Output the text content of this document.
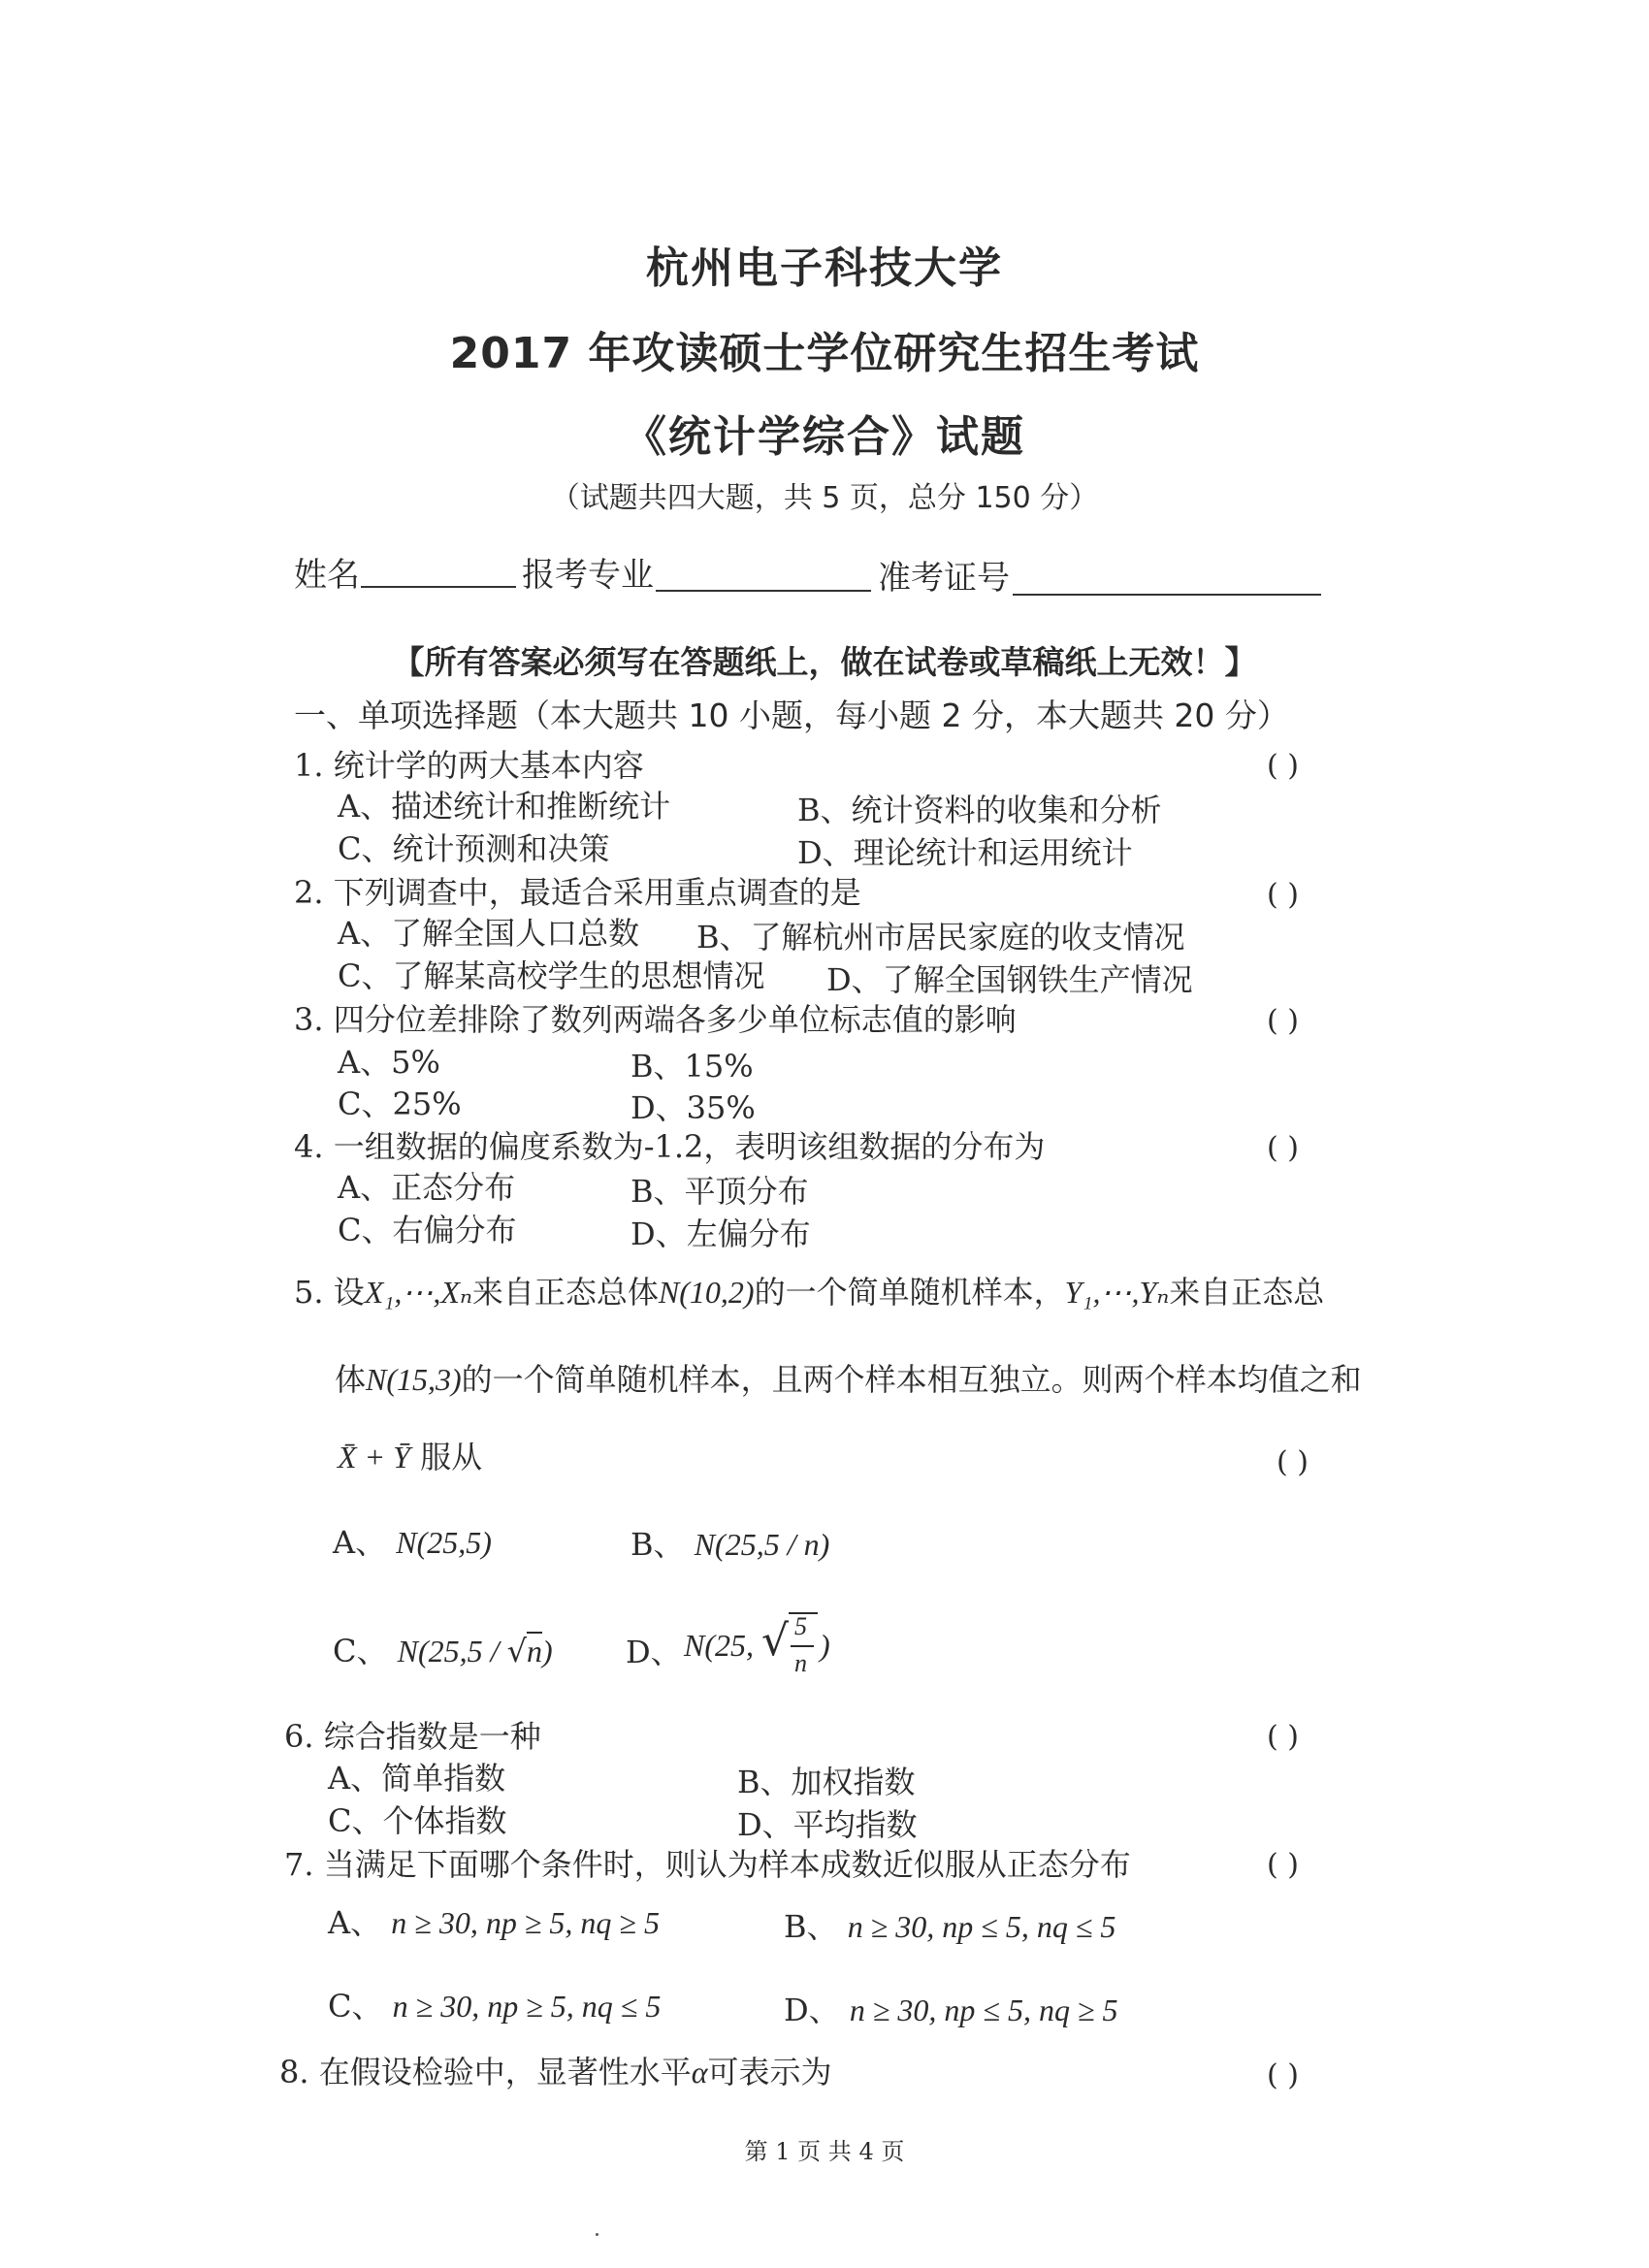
杭州电子科技大学
2017 年攻读硕士学位研究生招生考试
《统计学综合》试题
（试题共四大题，共 5 页，总分 150 分）
姓名	报考专业	准考证号
【所有答案必须写在答题纸上，做在试卷或草稿纸上无效！】
一、单项选择题（本大题共 10 小题，每小题 2 分，本大题共 20 分）
1. 统计学的两大基本内容	( )
A、描述统计和推断统计	B、统计资料的收集和分析
C、统计预测和决策	D、理论统计和运用统计
2. 下列调查中，最适合采用重点调查的是	( )
A、了解全国人口总数 B、了解杭州市居民家庭的收支情况
C、了解某高校学生的思想情况 D、了解全国钢铁生产情况
3. 四分位差排除了数列两端各多少单位标志值的影响	( )
A、5%	B、15%
C、25%	D、35%
4. 一组数据的偏度系数为-1.2，表明该组数据的分布为	( )
A、正态分布	B、平顶分布
C、右偏分布	D、左偏分布
5. 设X₁,⋯,Xₙ来自正态总体N(10,2)的一个简单随机样本，Y₁,⋯,Yₙ来自正态总
体N(15,3)的一个简单随机样本，且两个样本相互独立。则两个样本均值之和
X̄ + Ȳ 服从	( )
A、 N(25,5)	B、 N(25,5 / n)
C、 N(25,5 / √n) D、 N(25, √ 5
n
)
6. 综合指数是一种	( )
A、简单指数	B、加权指数
C、个体指数	D、平均指数
7. 当满足下面哪个条件时，则认为样本成数近似服从正态分布	( )
A、 n ≥ 30, np ≥ 5, nq ≥ 5	B、 n ≥ 30, np ≤ 5, nq ≤ 5
C、 n ≥ 30, np ≥ 5, nq ≤ 5	D、 n ≥ 30, np ≤ 5, nq ≥ 5
8. 在假设检验中，显著性水平α可表示为	( )
第 1 页 共 4 页
